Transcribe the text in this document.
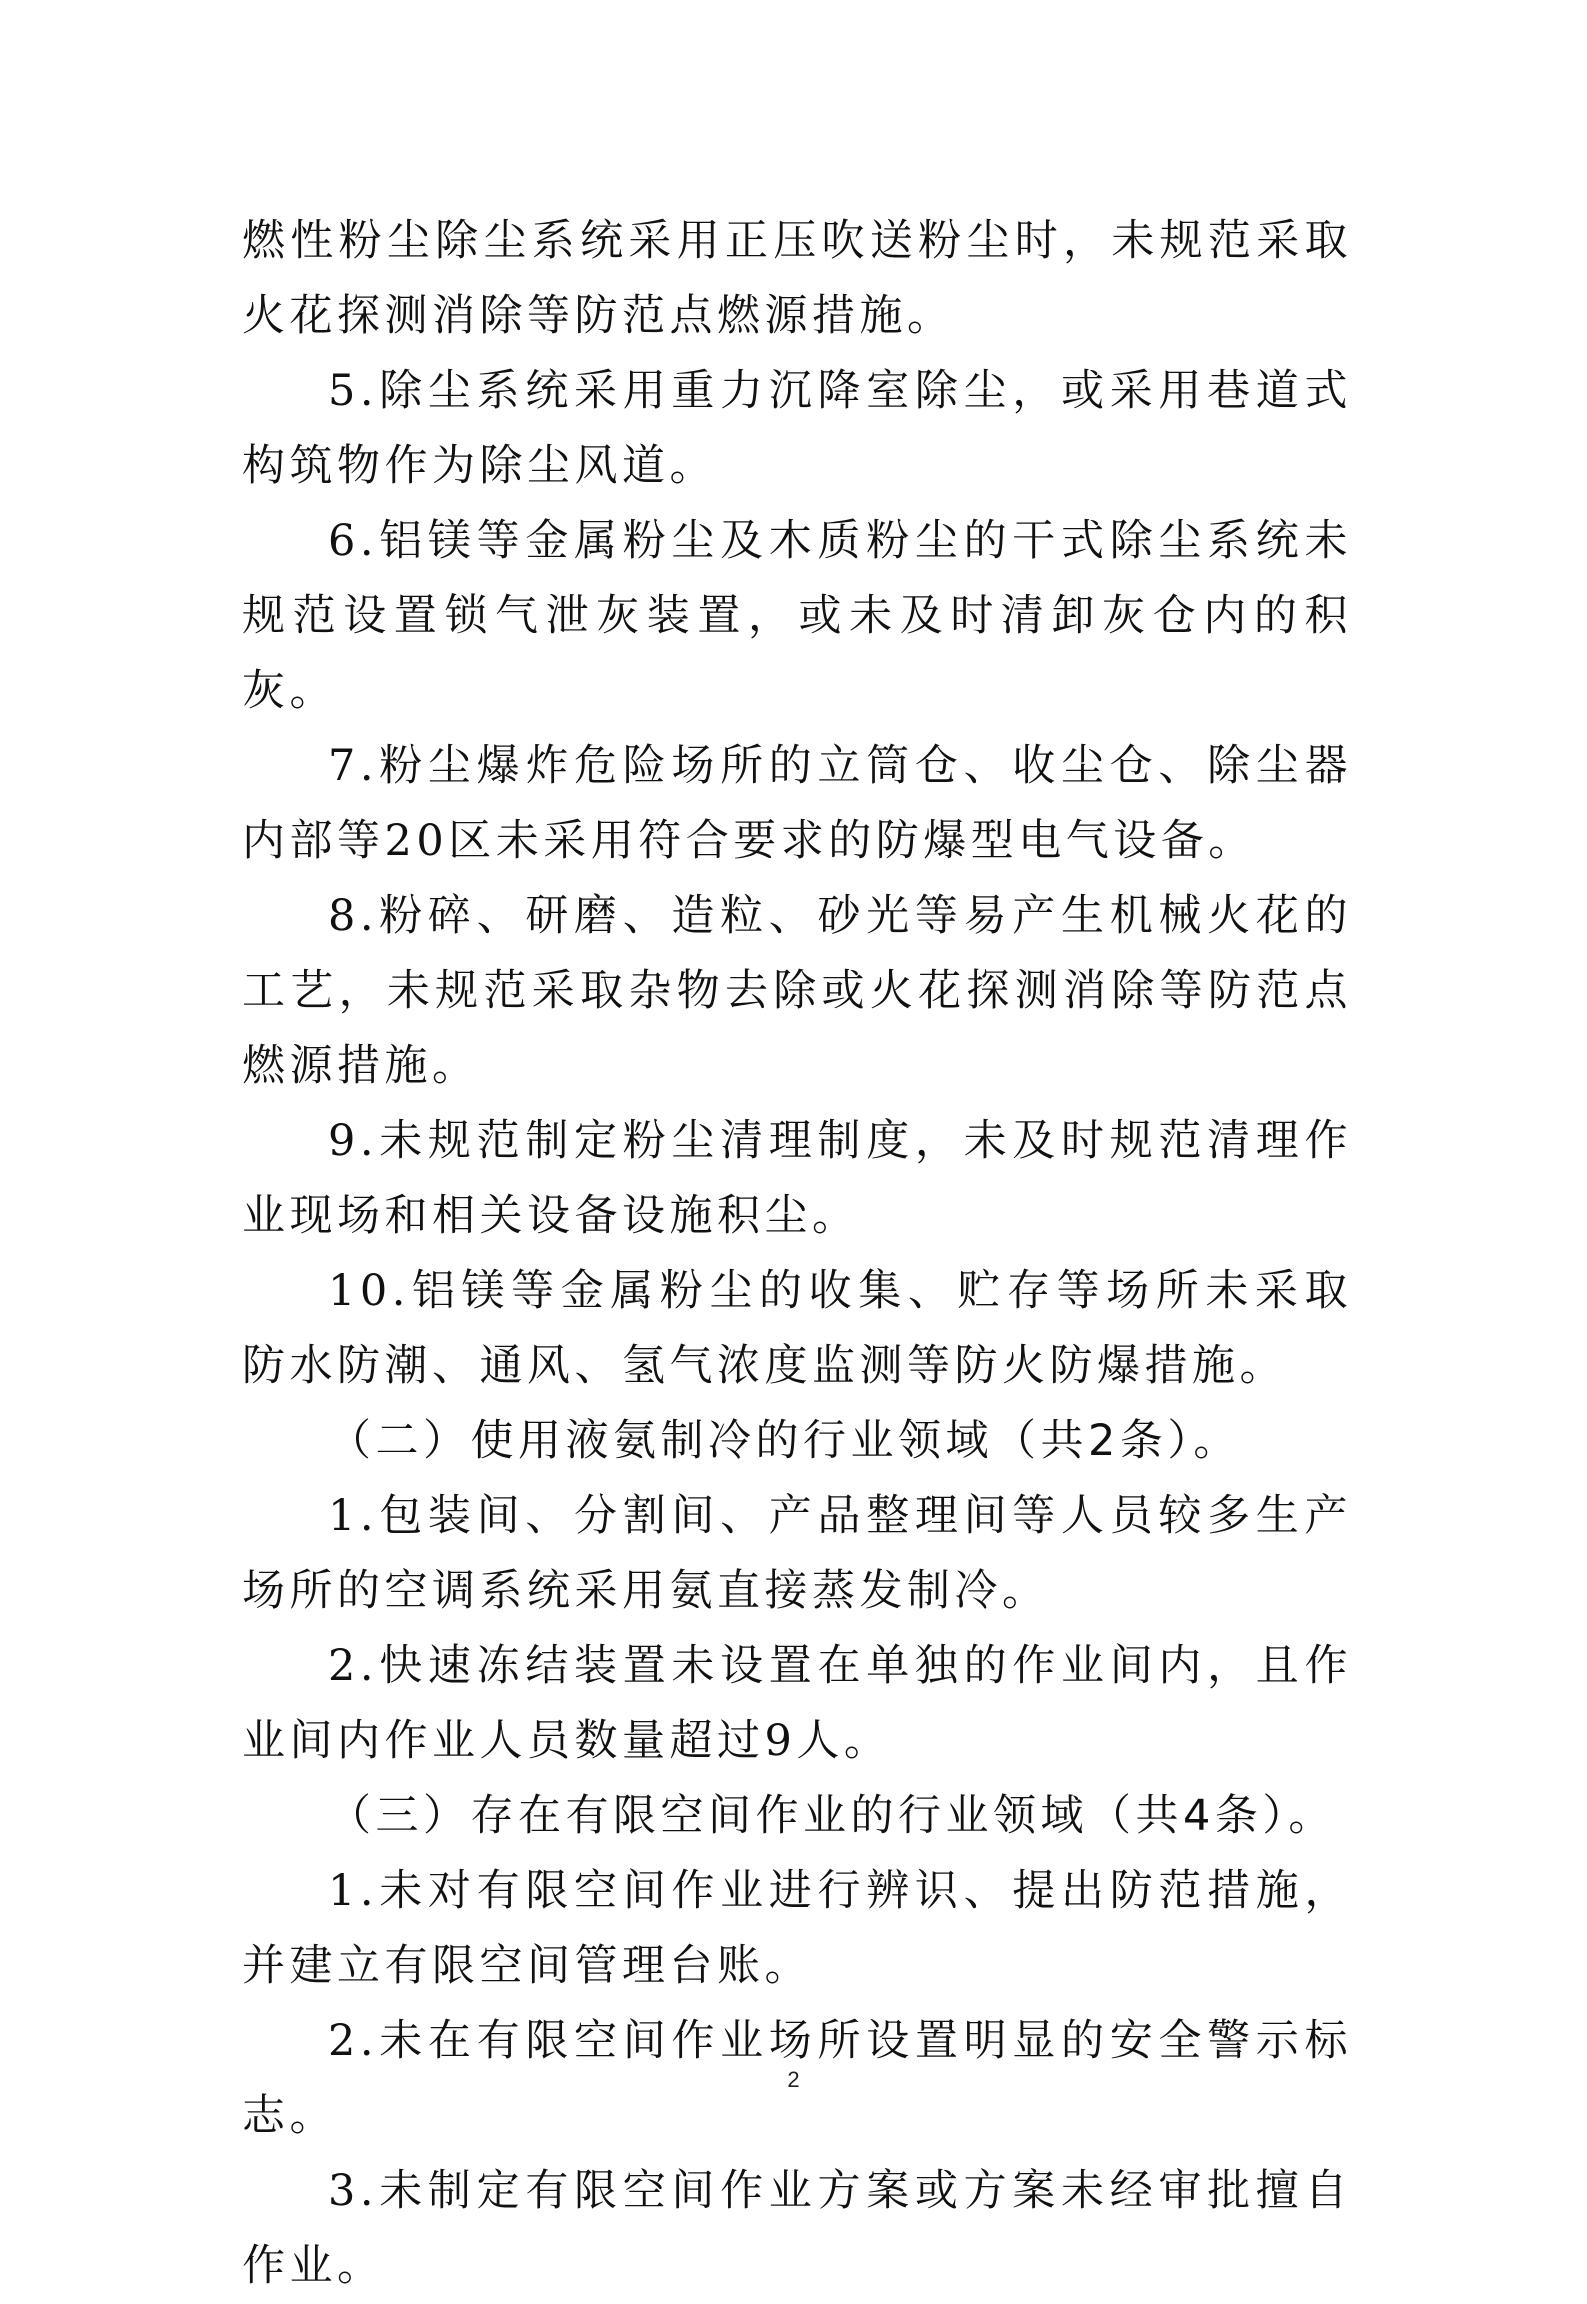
燃性粉尘除尘系统采用正压吹送粉尘时，未规范采取火花探测消除等防范点燃源措施。

5.除尘系统采用重力沉降室除尘，或采用巷道式构筑物作为除尘风道。

6.铝镁等金属粉尘及木质粉尘的干式除尘系统未规范设置锁气泄灰装置，或未及时清卸灰仓内的积灰。

7.粉尘爆炸危险场所的立筒仓、收尘仓、除尘器内部等20区未采用符合要求的防爆型电气设备。

8.粉碎、研磨、造粒、砂光等易产生机械火花的工艺，未规范采取杂物去除或火花探测消除等防范点燃源措施。

9.未规范制定粉尘清理制度，未及时规范清理作业现场和相关设备设施积尘。

10.铝镁等金属粉尘的收集、贮存等场所未采取防水防潮、通风、氢气浓度监测等防火防爆措施。

（二）使用液氨制冷的行业领域（共2条）。

1.包装间、分割间、产品整理间等人员较多生产场所的空调系统采用氨直接蒸发制冷。

2.快速冻结装置未设置在单独的作业间内，且作业间内作业人员数量超过9人。

（三）存在有限空间作业的行业领域（共4条）。

1.未对有限空间作业进行辨识、提出防范措施，并建立有限空间管理台账。

2.未在有限空间作业场所设置明显的安全警示标志。

3.未制定有限空间作业方案或方案未经审批擅自作业。

2
